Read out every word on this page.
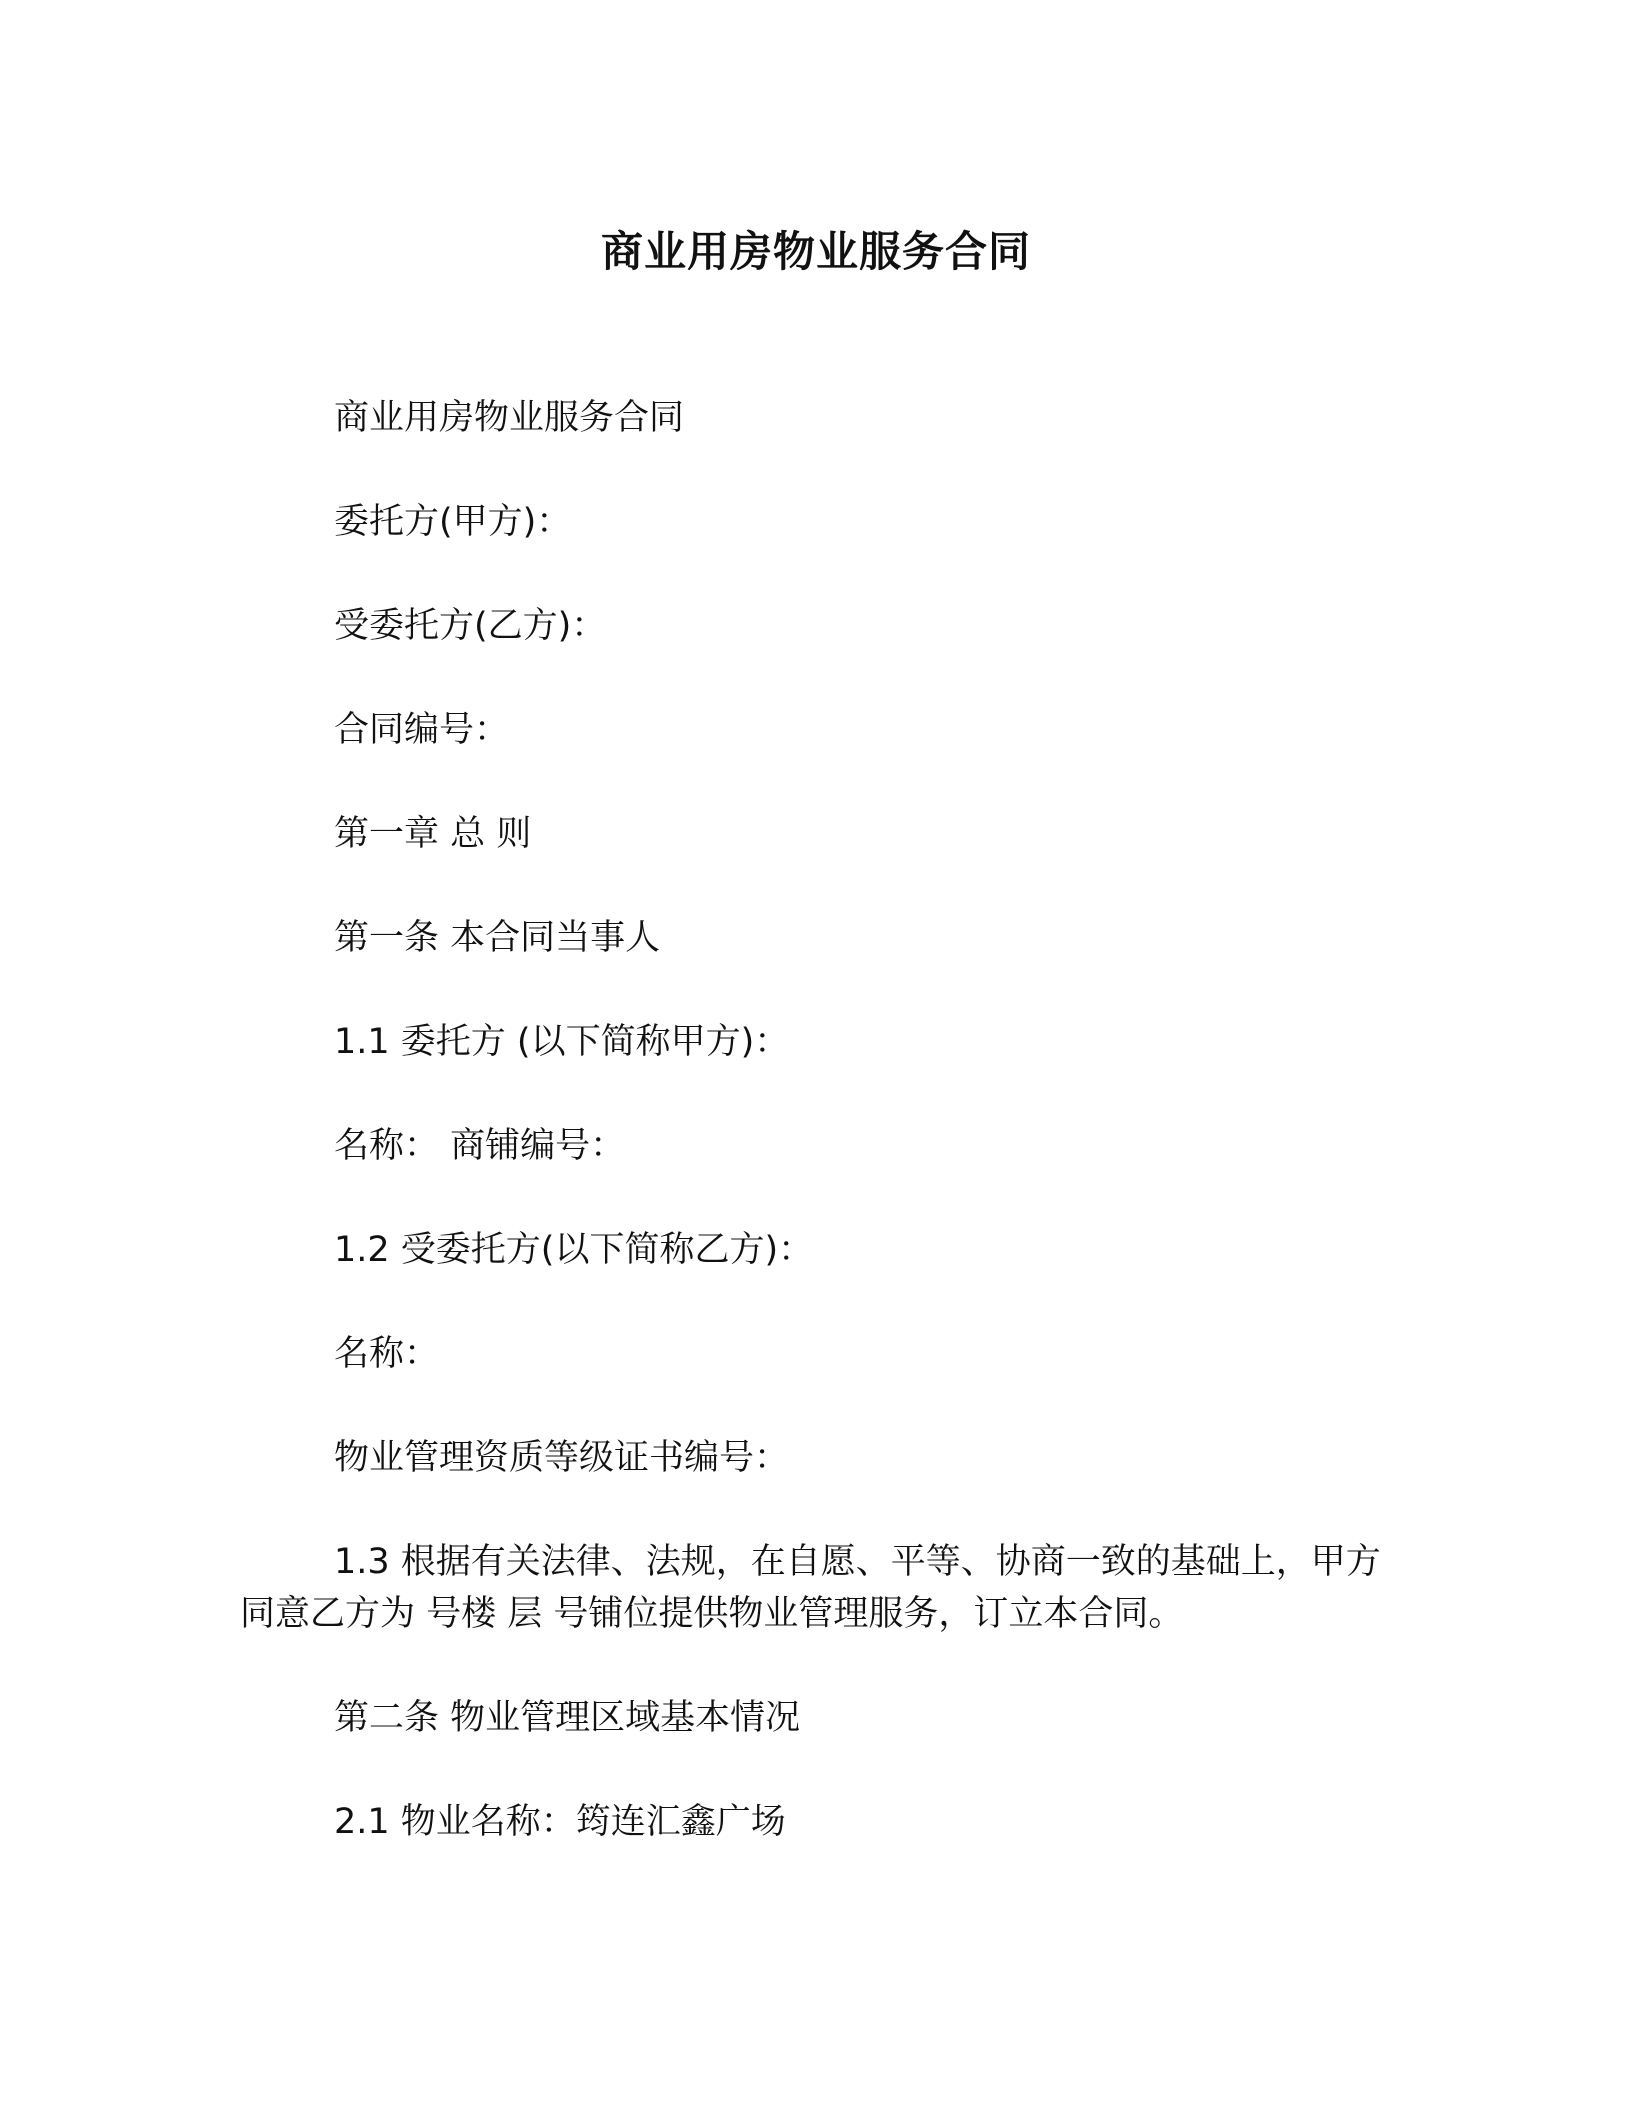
商业用房物业服务合同

商业用房物业服务合同

委托方(甲方)：

受委托方(乙方)：

合同编号：

第一章 总 则

第一条 本合同当事人

1.1 委托方 (以下简称甲方)：

名称： 商铺编号：

1.2 受委托方(以下简称乙方)：

名称：

物业管理资质等级证书编号：

1.3 根据有关法律、法规，在自愿、平等、协商一致的基础上，甲方同意乙方为 号楼 层 号铺位提供物业管理服务，订立本合同。

第二条 物业管理区域基本情况

2.1 物业名称：筠连汇鑫广场
